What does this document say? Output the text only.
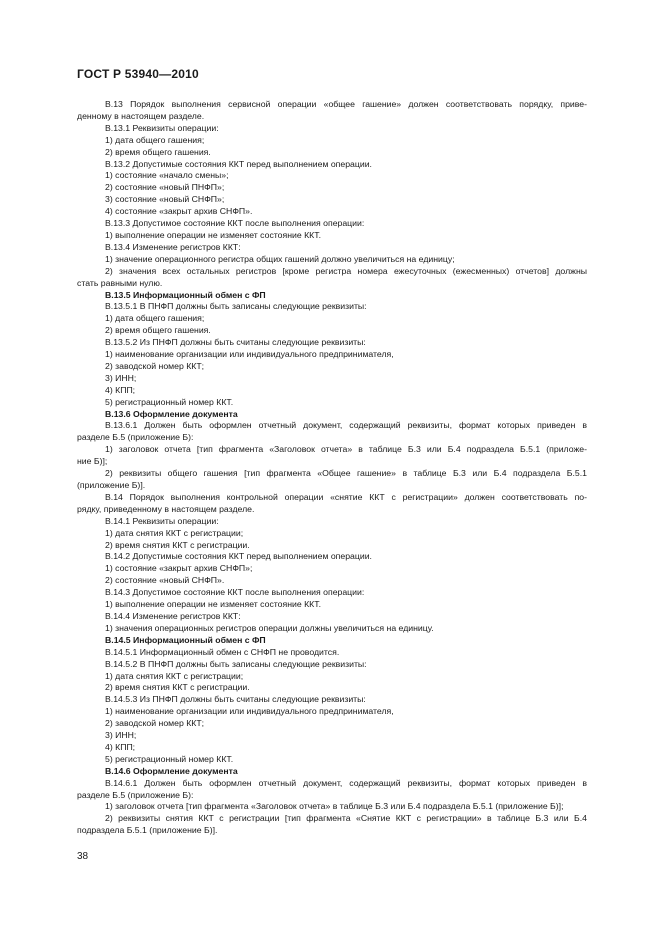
ГОСТ Р 53940—2010
В.13 Порядок выполнения сервисной операции «общее гашение» должен соответствовать порядку, приве-
денному в настоящем разделе.
В.13.1 Реквизиты операции:
1) дата общего гашения;
2) время общего гашения.
В.13.2 Допустимые состояния ККТ перед выполнением операции.
1) состояние «начало смены»;
2) состояние «новый ПНФП»;
3) состояние «новый СНФП»;
4) состояние «закрыт архив СНФП».
В.13.3 Допустимое состояние ККТ после выполнения операции:
1) выполнение операции не изменяет состояние ККТ.
В.13.4 Изменение регистров ККТ:
1) значение операционного регистра общих гашений должно увеличиться на единицу;
2) значения всех остальных регистров [кроме регистра номера ежесуточных (ежесменных) отчетов] должны
стать равными нулю.
В.13.5 Информационный обмен с ФП
В.13.5.1 В ПНФП должны быть записаны следующие реквизиты:
1) дата общего гашения;
2) время общего гашения.
В.13.5.2 Из ПНФП должны быть считаны следующие реквизиты:
1) наименование организации или индивидуального предпринимателя,
2) заводской номер ККТ;
3) ИНН;
4) КПП;
5) регистрационный номер ККТ.
В.13.6 Оформление документа
В.13.6.1 Должен быть оформлен отчетный документ, содержащий реквизиты, формат которых приведен в
разделе Б.5 (приложение Б):
1) заголовок отчета [тип фрагмента «Заголовок отчета» в таблице Б.3 или Б.4 подраздела Б.5.1 (приложе-
ние Б)];
2) реквизиты общего гашения [тип фрагмента «Общее гашение» в таблице Б.3 или Б.4 подраздела Б.5.1
(приложение Б)].
В.14 Порядок выполнения контрольной операции «снятие ККТ с регистрации» должен соответствовать по-
рядку, приведенному в настоящем разделе.
В.14.1 Реквизиты операции:
1) дата снятия ККТ с регистрации;
2) время снятия ККТ с регистрации.
В.14.2 Допустимые состояния ККТ перед выполнением операции.
1) состояние «закрыт архив СНФП»;
2) состояние «новый СНФП».
В.14.3 Допустимое состояние ККТ после выполнения операции:
1) выполнение операции не изменяет состояние ККТ.
В.14.4 Изменение регистров ККТ:
1) значения операционных регистров операции должны увеличиться на единицу.
В.14.5 Информационный обмен с ФП
В.14.5.1 Информационный обмен с СНФП не проводится.
В.14.5.2 В ПНФП должны быть записаны следующие реквизиты:
1) дата снятия ККТ с регистрации;
2) время снятия ККТ с регистрации.
В.14.5.3 Из ПНФП должны быть считаны следующие реквизиты:
1) наименование организации или индивидуального предпринимателя,
2) заводской номер ККТ;
3) ИНН;
4) КПП;
5) регистрационный номер ККТ.
В.14.6 Оформление документа
В.14.6.1 Должен быть оформлен отчетный документ, содержащий реквизиты, формат которых приведен в
разделе Б.5 (приложение Б):
1) заголовок отчета [тип фрагмента «Заголовок отчета» в таблице Б.3 или Б.4 подраздела Б.5.1 (приложение Б)];
2) реквизиты снятия ККТ с регистрации [тип фрагмента «Снятие ККТ с регистрации» в таблице Б.3 или Б.4
подраздела Б.5.1 (приложение Б)].
38
